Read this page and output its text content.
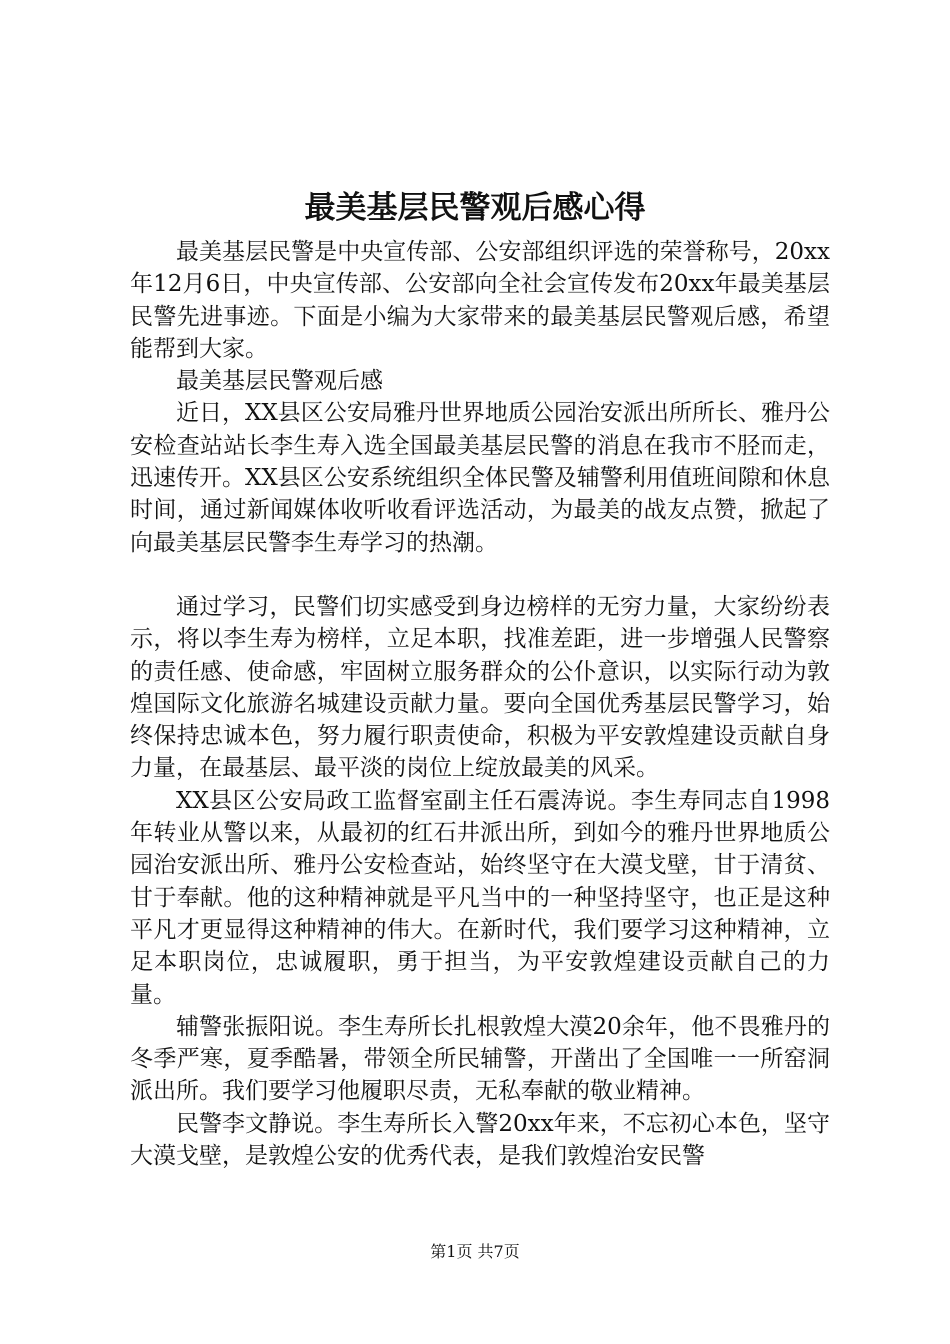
最美基层民警观后感心得

最美基层民警是中央宣传部、公安部组织评选的荣誉称号，20xx年12月6日，中央宣传部、公安部向全社会宣传发布20xx年最美基层民警先进事迹。下面是小编为大家带来的最美基层民警观后感，希望能帮到大家。

最美基层民警观后感

近日，XX县区公安局雅丹世界地质公园治安派出所所长、雅丹公安检查站站长李生寿入选全国最美基层民警的消息在我市不胫而走，迅速传开。XX县区公安系统组织全体民警及辅警利用值班间隙和休息时间，通过新闻媒体收听收看评选活动，为最美的战友点赞，掀起了向最美基层民警李生寿学习的热潮。

通过学习，民警们切实感受到身边榜样的无穷力量，大家纷纷表示，将以李生寿为榜样，立足本职，找准差距，进一步增强人民警察的责任感、使命感，牢固树立服务群众的公仆意识，以实际行动为敦煌国际文化旅游名城建设贡献力量。要向全国优秀基层民警学习，始终保持忠诚本色，努力履行职责使命，积极为平安敦煌建设贡献自身力量，在最基层、最平淡的岗位上绽放最美的风采。

XX县区公安局政工监督室副主任石震涛说。李生寿同志自1998年转业从警以来，从最初的红石井派出所，到如今的雅丹世界地质公园治安派出所、雅丹公安检查站，始终坚守在大漠戈壁，甘于清贫、甘于奉献。他的这种精神就是平凡当中的一种坚持坚守，也正是这种平凡才更显得这种精神的伟大。在新时代，我们要学习这种精神，立足本职岗位，忠诚履职，勇于担当，为平安敦煌建设贡献自己的力量。

辅警张振阳说。李生寿所长扎根敦煌大漠20余年，他不畏雅丹的冬季严寒，夏季酷暑，带领全所民辅警，开凿出了全国唯一一所窑洞派出所。我们要学习他履职尽责，无私奉献的敬业精神。

民警李文静说。李生寿所长入警20xx年来，不忘初心本色，坚守大漠戈壁，是敦煌公安的优秀代表，是我们敦煌治安民警

第1页 共7页
